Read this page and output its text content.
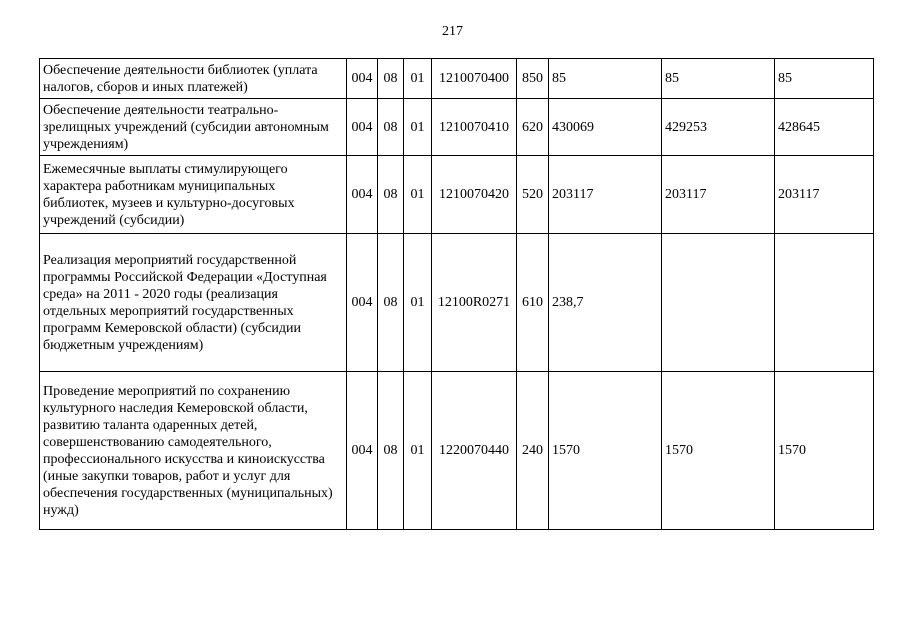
217
Обеспечение деятельности библиотек (уплата налогов, сборов и иных платежей)	004	08	01	1210070400	850	85	85	85
Обеспечение деятельности театрально-зрелищных учреждений (субсидии автономным учреждениям)	004	08	01	1210070410	620	430069	429253	428645
Ежемесячные выплаты стимулирующего характера работникам муниципальных библиотек, музеев и культурно-досуговых учреждений (субсидии)	004	08	01	1210070420	520	203117	203117	203117
Реализация мероприятий государственной программы Российской Федерации «Доступная среда» на 2011 - 2020 годы (реализация отдельных мероприятий государственных программ Кемеровской области) (субсидии бюджетным учреждениям)	004	08	01	12100R0271	610	238,7		
Проведение мероприятий по сохранению культурного наследия Кемеровской области, развитию таланта одаренных детей, совершенствованию самодеятельного, профессионального искусства и киноискусства (иные закупки товаров, работ и услуг для обеспечения государственных (муниципальных) нужд)	004	08	01	1220070440	240	1570	1570	1570
